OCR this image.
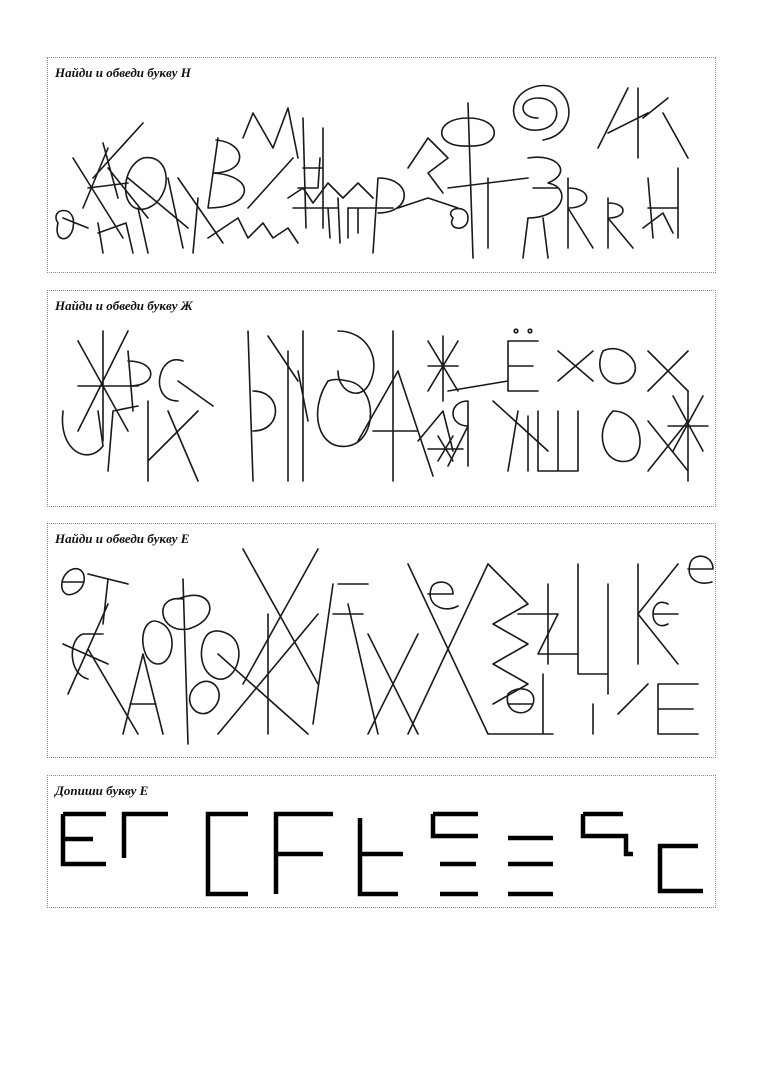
Найди и обведи букву Н
Найди и обведи букву Ж
Найди и обведи букву Е
Допиши букву Е
